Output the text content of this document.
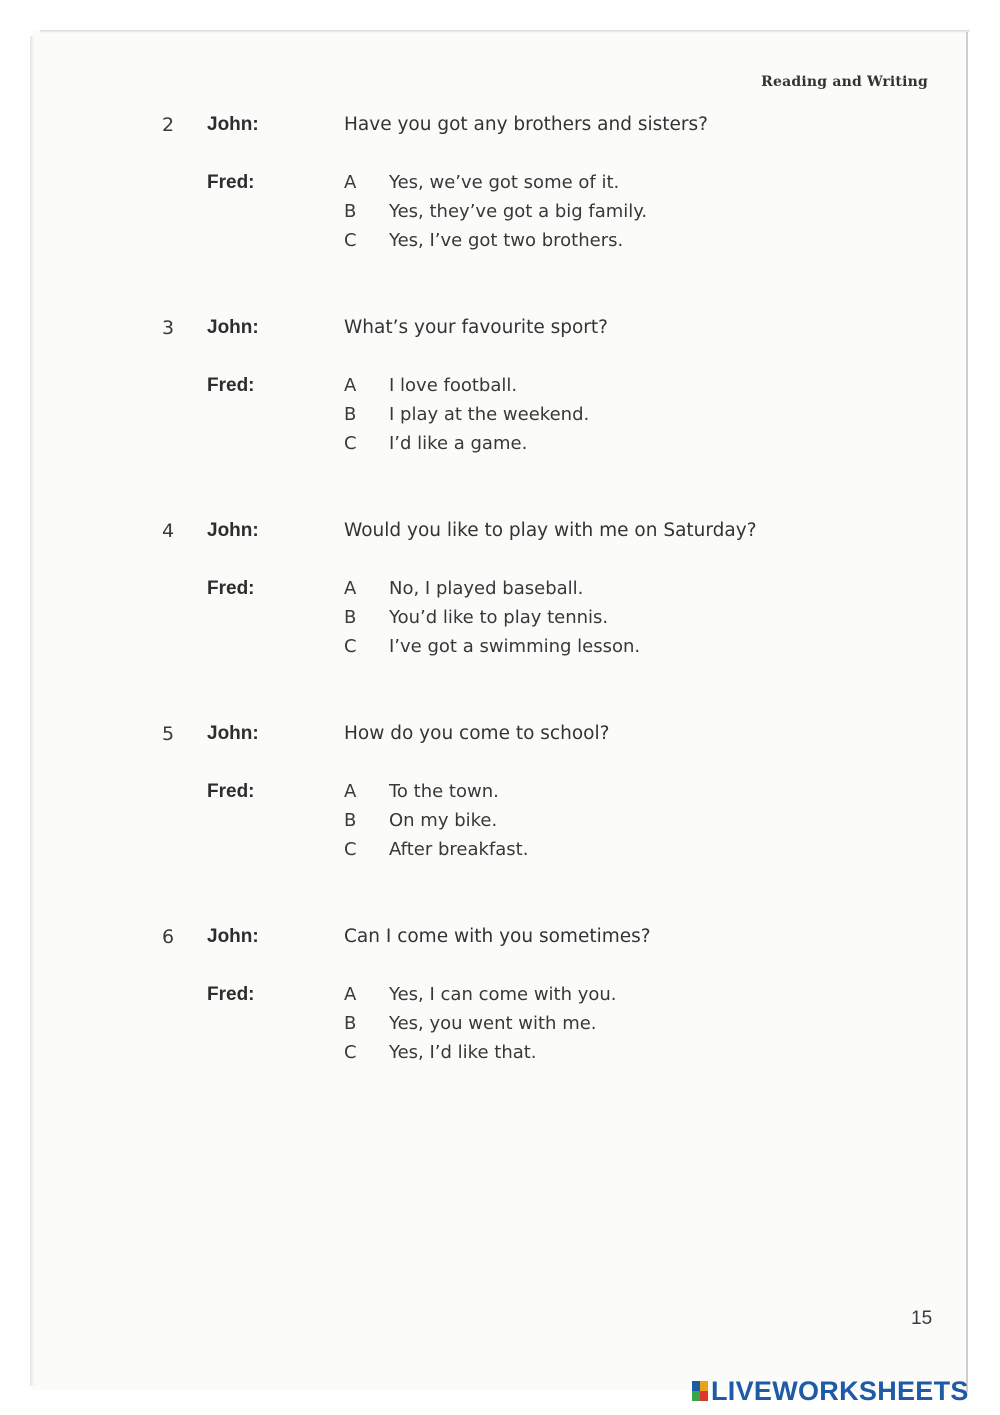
Reading and Writing
2 John:	Have you got any brothers and sisters?
Fred:	A Yes, we’ve got some of it.
B Yes, they’ve got a big family.
C Yes, I’ve got two brothers.
3 John:	What’s your favourite sport?
Fred:	A I love football.
B I play at the weekend.
C I’d like a game.
4 John:	Would you like to play with me on Saturday?
Fred:	A No, I played baseball.
B You’d like to play tennis.
C I’ve got a swimming lesson.
5 John:	How do you come to school?
Fred:	A To the town.
B On my bike.
C After breakfast.
6 John:	Can I come with you sometimes?
Fred:	A Yes, I can come with you.
B Yes, you went with me.
C Yes, I’d like that.
15
LIVEWORKSHEETS
